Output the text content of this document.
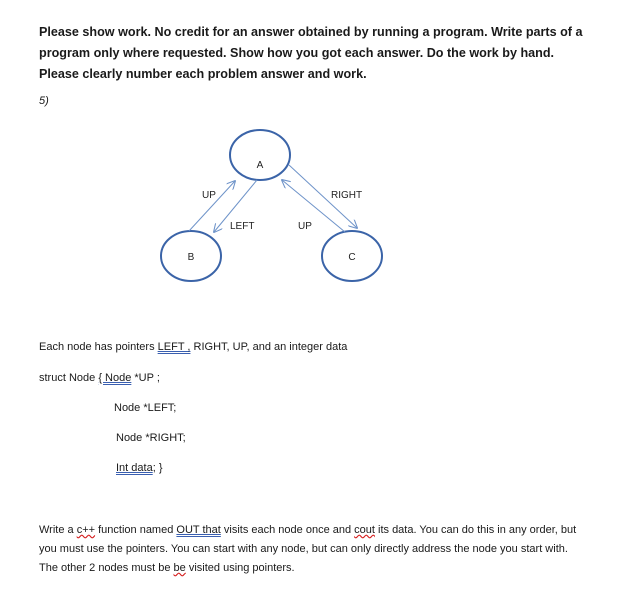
Please show work. No credit for an answer obtained by running a program. Write parts of a
program only where requested. Show how you got each answer. Do the work by hand.
Please clearly number each problem answer and work.
5)
A
B	C
UP
LEFT	UP
RIGHT
Each node has pointers LEFT , RIGHT, UP, and an integer data
struct Node { Node *UP ;
Node *LEFT;
Node *RIGHT;
Int data; }
Write a c++ function named OUT that visits each node once and cout its data. You can do this in any order, but you must use the pointers. You can start with any node, but can only directly address the node you start with. The other 2 nodes must be be visited using pointers.
